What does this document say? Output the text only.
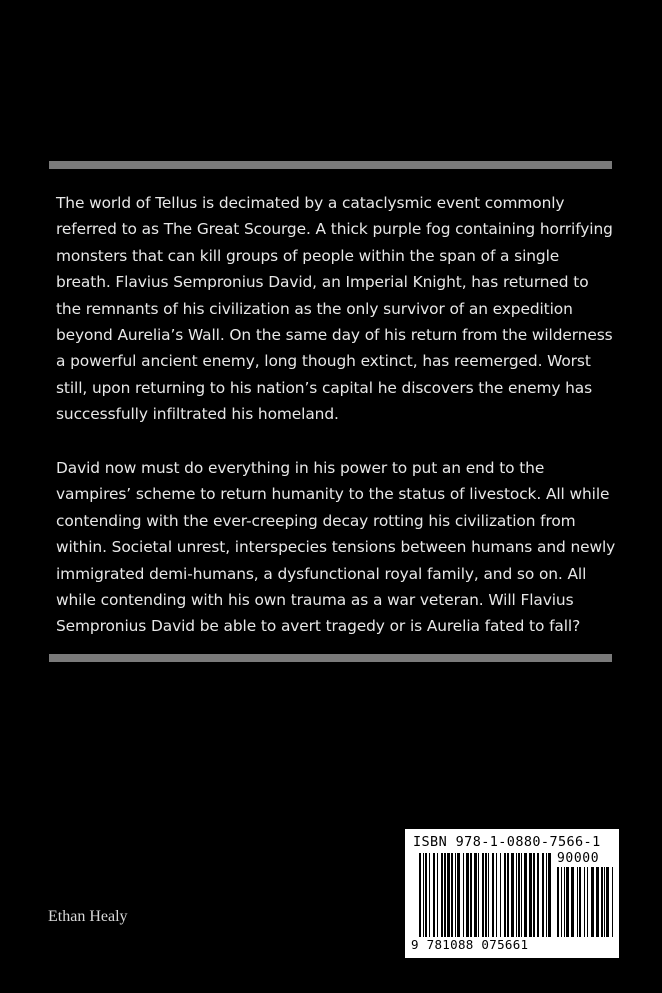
The world of Tellus is decimated by a cataclysmic event commonly referred to as The Great Scourge. A thick purple fog containing horrifying monsters that can kill groups of people within the span of a single breath. Flavius Sempronius David, an Imperial Knight, has returned to the remnants of his civilization as the only survivor of an expedition beyond Aurelia’s Wall. On the same day of his return from the wilderness a powerful ancient enemy, long though extinct, has reemerged. Worst still, upon returning to his nation’s capital he discovers the enemy has successfully infiltrated his homeland.

David now must do everything in his power to put an end to the vampires’ scheme to return humanity to the status of livestock. All while contending with the ever-creeping decay rotting his civilization from within. Societal unrest, interspecies tensions between humans and newly immigrated demi-humans, a dysfunctional royal family, and so on. All while contending with his own trauma as a war veteran. Will Flavius Sempronius David be able to avert tragedy or is Aurelia fated to fall?

Ethan Healy
ISBN 978-1-0880-7566-1
90000
9 781088 075661
